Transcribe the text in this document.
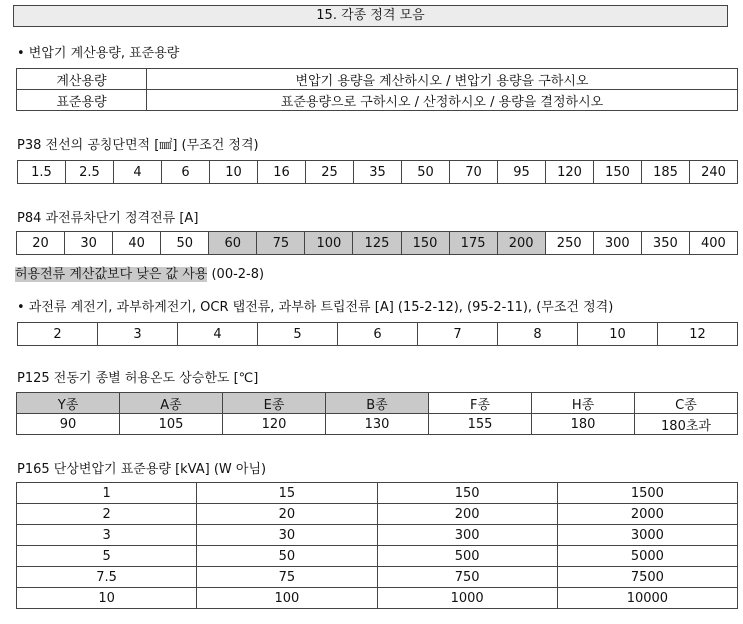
15. 각종 정격 모음
• 변압기 계산용량, 표준용량
계산용량	변압기 용량을 계산하시오 / 변압기 용량을 구하시오
표준용량	표준용량으로 구하시오 / 산정하시오 / 용량을 결정하시오
P38 전선의 공칭단면적 [㎟] (무조건 정격)
1.5	2.5	4	6	10	16	25	35	50	70	95	120	150	185	240
P84 과전류차단기 정격전류 [A]
20	30	40	50	60	75	100	125	150	175	200	250	300	350	400
허용전류 계산값보다 낮은 값 사용 (00-2-8)
• 과전류 계전기, 과부하계전기, OCR 탭전류, 과부하 트립전류 [A] (15-2-12), (95-2-11), (무조건 정격)
2	3	4	5	6	7	8	10	12
P125 전동기 종별 허용온도 상승한도 [℃]
Y종	A종	E종	B종	F종	H종	C종
90	105	120	130	155	180	180초과
P165 단상변압기 표준용량 [kVA] (W 아님)
1	15	150	1500
2	20	200	2000
3	30	300	3000
5	50	500	5000
7.5	75	750	7500
10	100	1000	10000
